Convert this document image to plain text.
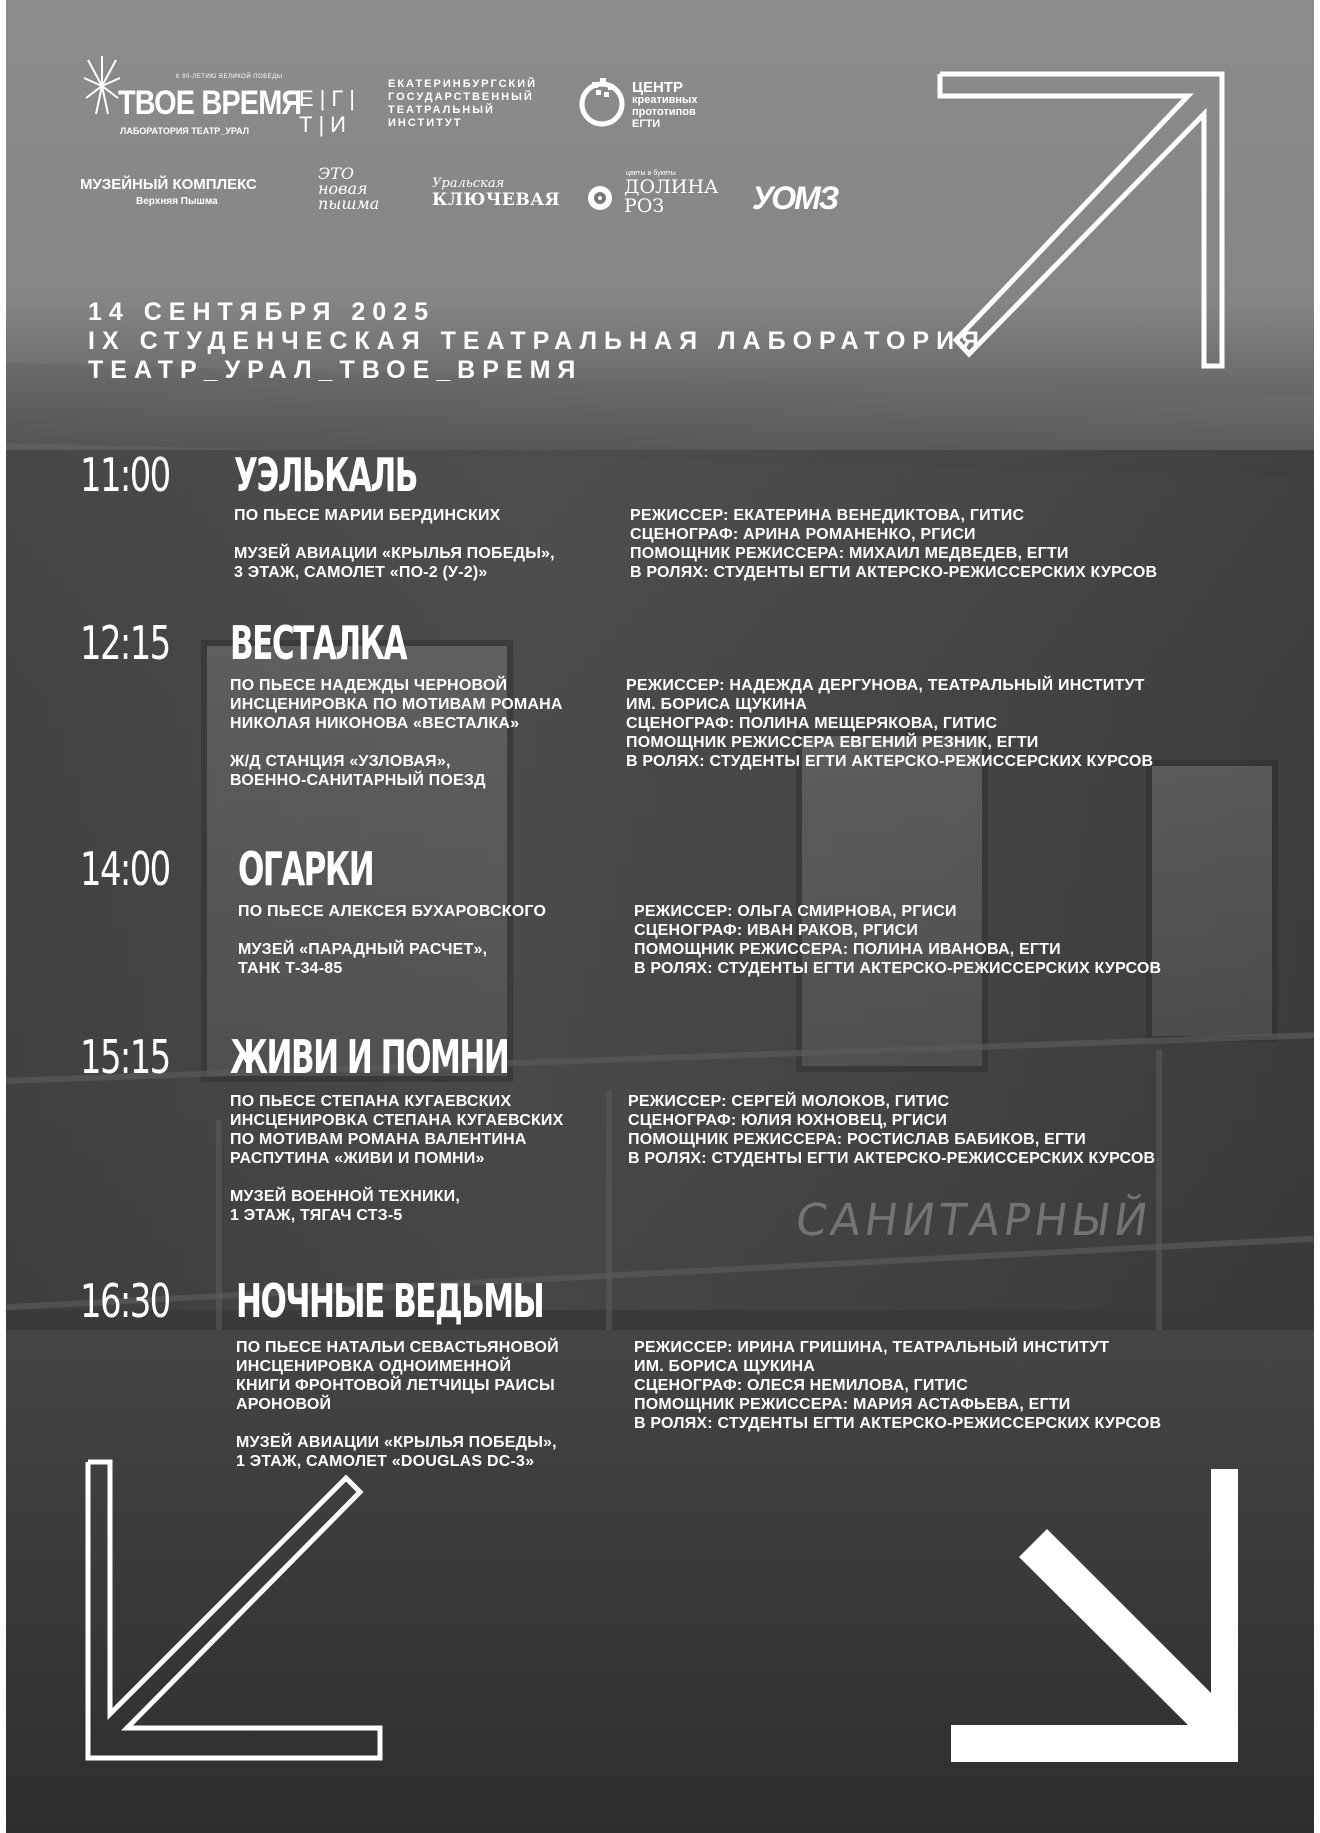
САНИТАРНЫЙ
К 80-ЛЕТИЮ ВЕЛИКОЙ ПОБЕДЫ
ТВОЕ ВРЕМЯ
ЛАБОРАТОРИЯ ТЕАТР_УРАЛ
Е|Г|Т|И
ЕКАТЕРИНБУРГСКИЙ
ГОСУДАРСТВЕННЫЙ
ТЕАТРАЛЬНЫЙ
ИНСТИТУТ
ЦЕНТР
креативных
прототипов
ЕГТИ
МУЗЕЙНЫЙ КОМПЛЕКС
Верхняя Пышма
ЭТО
новая
пышма
Уральская
КЛЮЧЕВАЯ
цветы и букеты
ДОЛИНА
РОЗ	УОМЗ
14 СЕНТЯБРЯ 2025
IX СТУДЕНЧЕСКАЯ ТЕАТРАЛЬНАЯ ЛАБОРАТОРИЯ
ТЕАТР_УРАЛ_ТВОЕ_ВРЕМЯ
11:00 УЭЛЬКАЛЬ
ПО ПЬЕСЕ МАРИИ БЕРДИНСКИХ
МУЗЕЙ АВИАЦИИ «КРЫЛЬЯ ПОБЕДЫ»,
3 ЭТАЖ, САМОЛЕТ «ПО-2 (У-2)»
РЕЖИССЕР: ЕКАТЕРИНА ВЕНЕДИКТОВА, ГИТИС
СЦЕНОГРАФ: АРИНА РОМАНЕНКО, РГИСИ
ПОМОЩНИК РЕЖИССЕРА: МИХАИЛ МЕДВЕДЕВ, ЕГТИ
В РОЛЯХ: СТУДЕНТЫ ЕГТИ АКТЕРСКО-РЕЖИССЕРСКИХ КУРСОВ
12:15 ВЕСТАЛКА
ПО ПЬЕСЕ НАДЕЖДЫ ЧЕРНОВОЙ
ИНСЦЕНИРОВКА ПО МОТИВАМ РОМАНА
НИКОЛАЯ НИКОНОВА «ВЕСТАЛКА»
Ж/Д СТАНЦИЯ «УЗЛОВАЯ»,
ВОЕННО-САНИТАРНЫЙ ПОЕЗД
РЕЖИССЕР: НАДЕЖДА ДЕРГУНОВА, ТЕАТРАЛЬНЫЙ ИНСТИТУТ
ИМ. БОРИСА ЩУКИНА
СЦЕНОГРАФ: ПОЛИНА МЕЩЕРЯКОВА, ГИТИС
ПОМОЩНИК РЕЖИССЕРА ЕВГЕНИЙ РЕЗНИК, ЕГТИ
В РОЛЯХ: СТУДЕНТЫ ЕГТИ АКТЕРСКО-РЕЖИССЕРСКИХ КУРСОВ
14:00 ОГАРКИ
ПО ПЬЕСЕ АЛЕКСЕЯ БУХАРОВСКОГО
МУЗЕЙ «ПАРАДНЫЙ РАСЧЕТ»,
ТАНК Т-34-85
РЕЖИССЕР: ОЛЬГА СМИРНОВА, РГИСИ
СЦЕНОГРАФ: ИВАН РАКОВ, РГИСИ
ПОМОЩНИК РЕЖИССЕРА: ПОЛИНА ИВАНОВА, ЕГТИ
В РОЛЯХ: СТУДЕНТЫ ЕГТИ АКТЕРСКО-РЕЖИССЕРСКИХ КУРСОВ
15:15 ЖИВИ И ПОМНИ
ПО ПЬЕСЕ СТЕПАНА КУГАЕВСКИХ
ИНСЦЕНИРОВКА СТЕПАНА КУГАЕВСКИХ
ПО МОТИВАМ РОМАНА ВАЛЕНТИНА
РАСПУТИНА «ЖИВИ И ПОМНИ»
МУЗЕЙ ВОЕННОЙ ТЕХНИКИ,
1 ЭТАЖ, ТЯГАЧ СТЗ-5
РЕЖИССЕР: СЕРГЕЙ МОЛОКОВ, ГИТИС
СЦЕНОГРАФ: ЮЛИЯ ЮХНОВЕЦ, РГИСИ
ПОМОЩНИК РЕЖИССЕРА: РОСТИСЛАВ БАБИКОВ, ЕГТИ
В РОЛЯХ: СТУДЕНТЫ ЕГТИ АКТЕРСКО-РЕЖИССЕРСКИХ КУРСОВ
16:30 НОЧНЫЕ ВЕДЬМЫ
ПО ПЬЕСЕ НАТАЛЬИ СЕВАСТЬЯНОВОЙ
ИНСЦЕНИРОВКА ОДНОИМЕННОЙ
КНИГИ ФРОНТОВОЙ ЛЕТЧИЦЫ РАИСЫ
АРОНОВОЙ
МУЗЕЙ АВИАЦИИ «КРЫЛЬЯ ПОБЕДЫ»,
1 ЭТАЖ, САМОЛЕТ «DOUGLAS DC-3»
РЕЖИССЕР: ИРИНА ГРИШИНА, ТЕАТРАЛЬНЫЙ ИНСТИТУТ
ИМ. БОРИСА ЩУКИНА
СЦЕНОГРАФ: ОЛЕСЯ НЕМИЛОВА, ГИТИС
ПОМОЩНИК РЕЖИССЕРА: МАРИЯ АСТАФЬЕВА, ЕГТИ
В РОЛЯХ: СТУДЕНТЫ ЕГТИ АКТЕРСКО-РЕЖИССЕРСКИХ КУРСОВ
